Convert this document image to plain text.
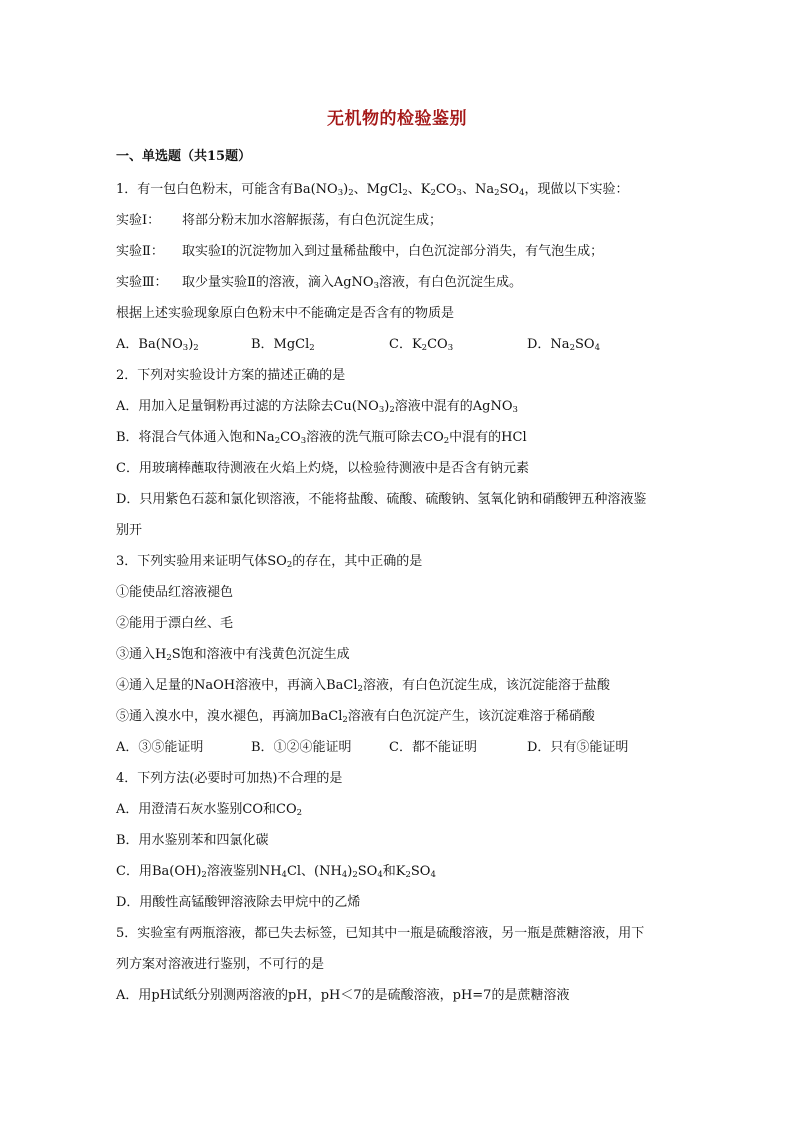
无机物的检验鉴别
一、单选题（共15题）
1．有一包白色粉末，可能含有$Ba(NO_3)_2$、MgCl$_2$、$K_2CO_3$、$Na_2SO_4$，现做以下实验：
实验Ⅰ： 将部分粉末加水溶解振荡，有白色沉淀生成；
实验Ⅱ： 取实验Ⅰ的沉淀物加入到过量稀盐酸中，白色沉淀部分消失，有气泡生成；
实验Ⅲ： 取少量实验Ⅱ的溶液，滴入AgNO$_3$溶液，有白色沉淀生成。
根据上述实验现象原白色粉末中不能确定是否含有的物质是
A．$Ba(NO_3)_2$	B．MgCl$_2$	C．$K_2CO_3$	D．$Na_2SO_4$
2．下列对实验设计方案的描述正确的是
A．用加入足量铜粉再过滤的方法除去$Cu(NO_3)_2$溶液中混有的AgNO$_3$
B．将混合气体通入饱和$Na_2CO_3$溶液的洗气瓶可除去$CO_2$中混有的HCl
C．用玻璃棒蘸取待测液在火焰上灼烧，以检验待测液中是否含有钠元素
D．只用紫色石蕊和氯化钡溶液，不能将盐酸、硫酸、硫酸钠、氢氧化钠和硝酸钾五种溶液鉴
别开
3．下列实验用来证明气体$SO_2$的存在，其中正确的是
①能使品红溶液褪色
②能用于漂白丝、毛
③通入$H_2S$饱和溶液中有浅黄色沉淀生成
④通入足量的NaOH溶液中，再滴入BaCl$_2$溶液，有白色沉淀生成，该沉淀能溶于盐酸
⑤通入溴水中，溴水褪色，再滴加BaCl$_2$溶液有白色沉淀产生，该沉淀难溶于稀硝酸
A．③⑤能证明	B．①②④能证明	C．都不能证明	D．只有⑤能证明
4．下列方法(必要时可加热)不合理的是
A．用澄清石灰水鉴别CO和$CO_2$
B．用水鉴别苯和四氯化碳
C．用$Ba(OH)_2$溶液鉴别$NH_4Cl$、$(NH_4)_2SO_4$和$K_2SO_4$
D．用酸性高锰酸钾溶液除去甲烷中的乙烯
5．实验室有两瓶溶液，都已失去标签，已知其中一瓶是硫酸溶液，另一瓶是蔗糖溶液，用下
列方案对溶液进行鉴别，不可行的是
A．用pH试纸分别测两溶液的pH，pH＜7的是硫酸溶液，pH=7的是蔗糖溶液
